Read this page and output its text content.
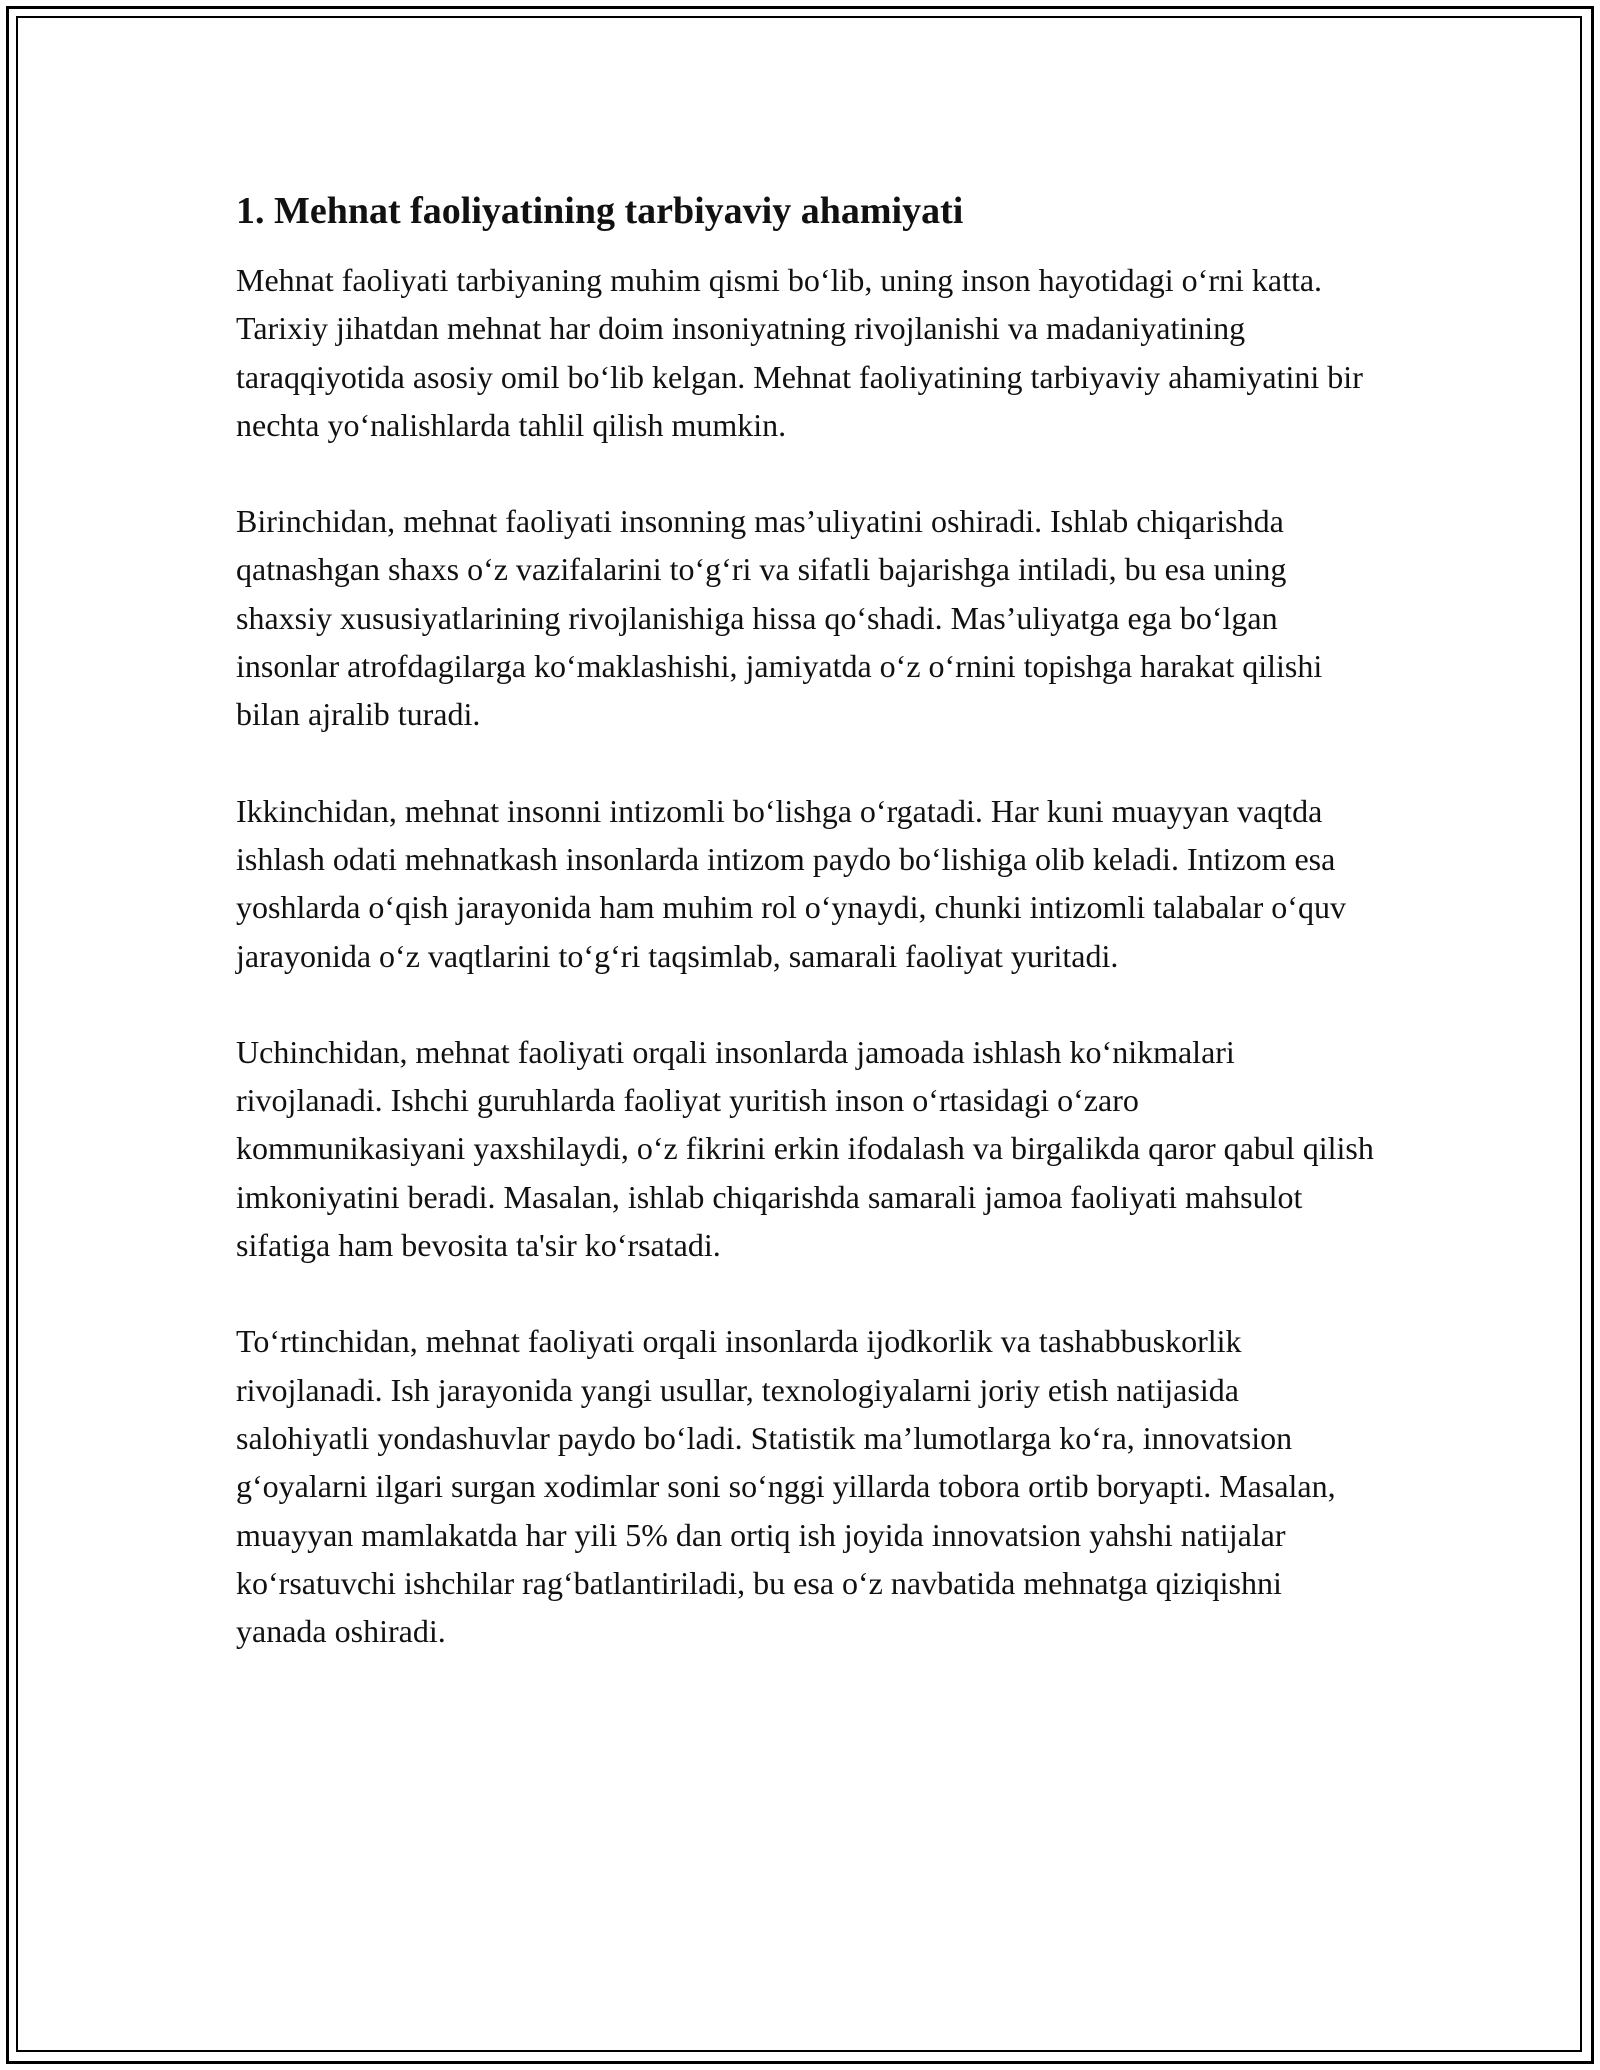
1. Mehnat faoliyatining tarbiyaviy ahamiyati

Mehnat faoliyati tarbiyaning muhim qismi bo‘lib, uning inson hayotidagi o‘rni katta. Tarixiy jihatdan mehnat har doim insoniyatning rivojlanishi va madaniyatining taraqqiyotida asosiy omil bo‘lib kelgan. Mehnat faoliyatining tarbiyaviy ahamiyatini bir nechta yo‘nalishlarda tahlil qilish mumkin.

Birinchidan, mehnat faoliyati insonning mas’uliyatini oshiradi. Ishlab chiqarishda qatnashgan shaxs o‘z vazifalarini to‘g‘ri va sifatli bajarishga intiladi, bu esa uning shaxsiy xususiyatlarining rivojlanishiga hissa qo‘shadi. Mas’uliyatga ega bo‘lgan insonlar atrofdagilarga ko‘maklashishi, jamiyatda o‘z o‘rnini topishga harakat qilishi bilan ajralib turadi.

Ikkinchidan, mehnat insonni intizomli bo‘lishga o‘rgatadi. Har kuni muayyan vaqtda ishlash odati mehnatkash insonlarda intizom paydo bo‘lishiga olib keladi. Intizom esa yoshlarda o‘qish jarayonida ham muhim rol o‘ynaydi, chunki intizomli talabalar o‘quv jarayonida o‘z vaqtlarini to‘g‘ri taqsimlab, samarali faoliyat yuritadi.

Uchinchidan, mehnat faoliyati orqali insonlarda jamoada ishlash ko‘nikmalari rivojlanadi. Ishchi guruhlarda faoliyat yuritish inson o‘rtasidagi o‘zaro kommunikasiyani yaxshilaydi, o‘z fikrini erkin ifodalash va birgalikda qaror qabul qilish imkoniyatini beradi. Masalan, ishlab chiqarishda samarali jamoa faoliyati mahsulot sifatiga ham bevosita ta'sir ko‘rsatadi.

To‘rtinchidan, mehnat faoliyati orqali insonlarda ijodkorlik va tashabbuskorlik rivojlanadi. Ish jarayonida yangi usullar, texnologiyalarni joriy etish natijasida salohiyatli yondashuvlar paydo bo‘ladi. Statistik ma’lumotlarga ko‘ra, innovatsion g‘oyalarni ilgari surgan xodimlar soni so‘nggi yillarda tobora ortib boryapti. Masalan, muayyan mamlakatda har yili 5% dan ortiq ish joyida innovatsion yahshi natijalar ko‘rsatuvchi ishchilar rag‘batlantiriladi, bu esa o‘z navbatida mehnatga qiziqishni yanada oshiradi.
